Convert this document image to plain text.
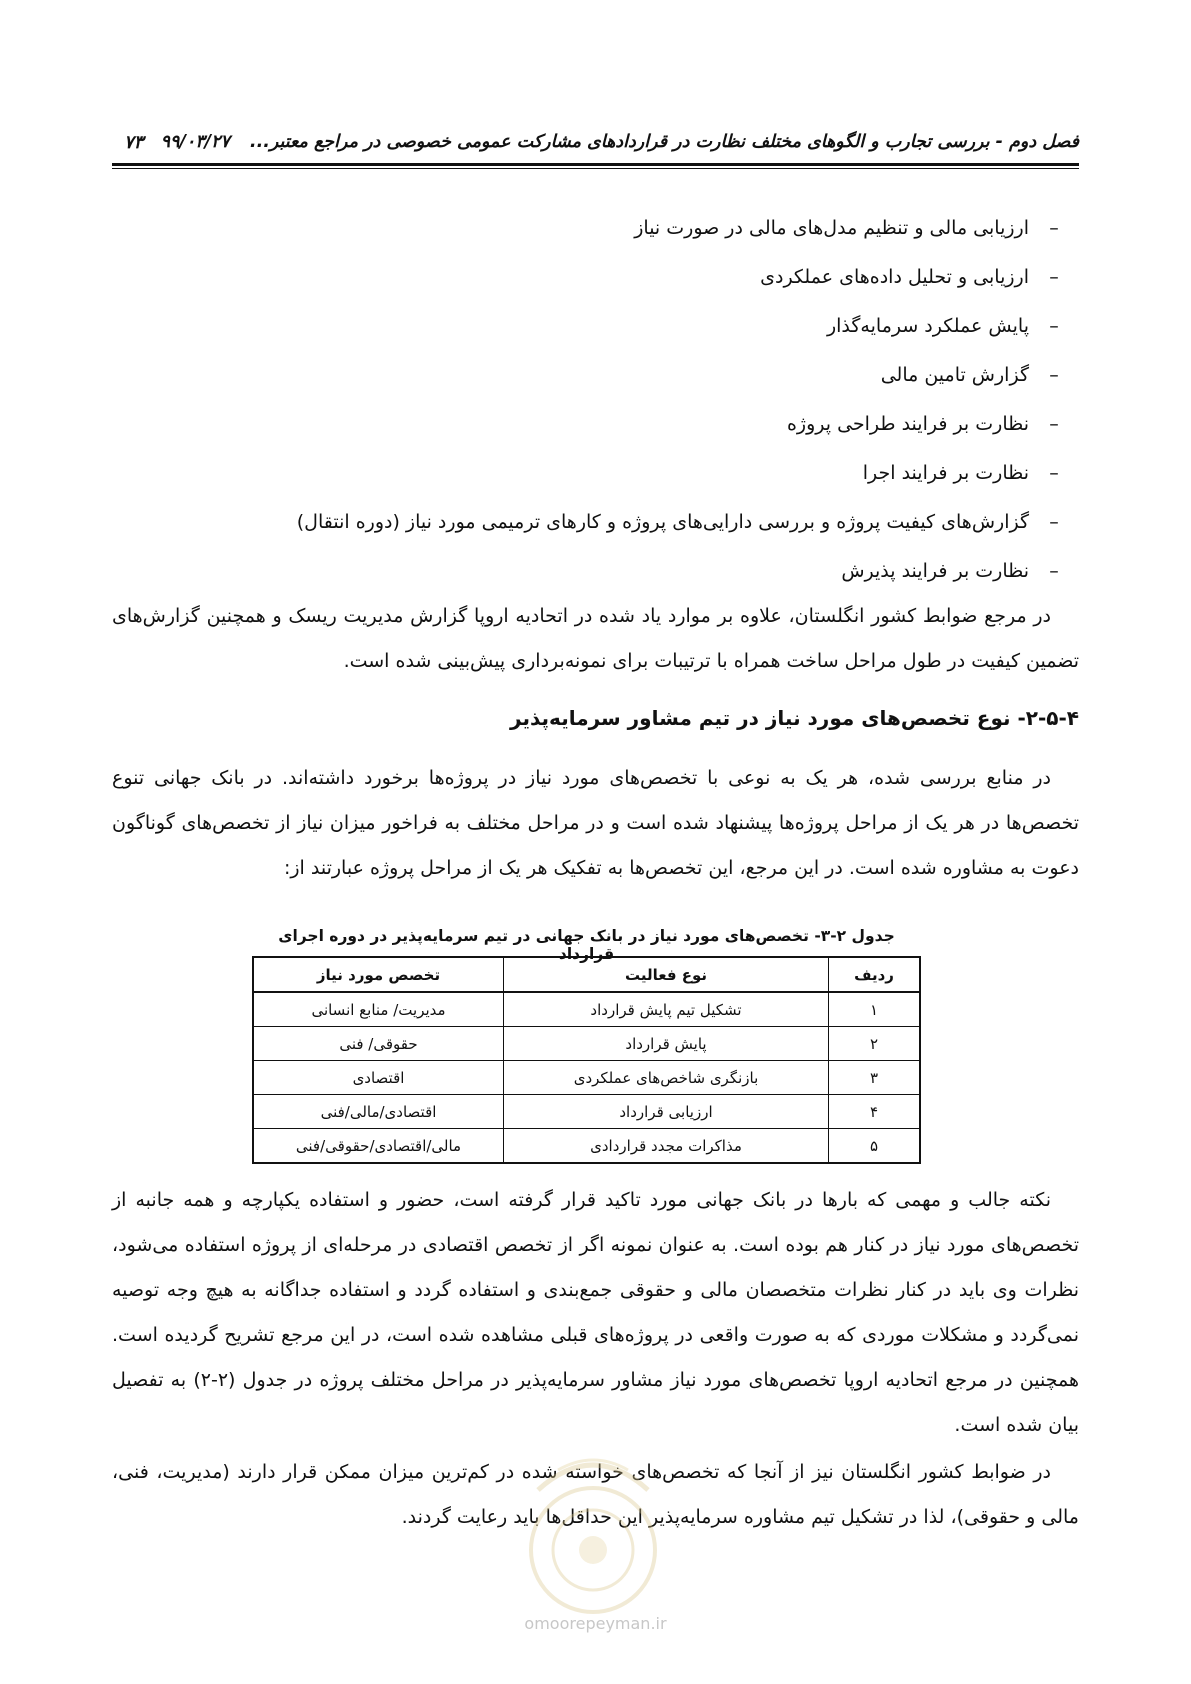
فصل دوم - بررسی تجارب و الگوهای مختلف نظارت در قراردادهای مشارکت عمومی خصوصی در مراجع معتبر... ۹۹/۰۳/۲۷
۷۳
–
ارزیابی مالی و تنظیم مدل‌های مالی در صورت نیاز
–
ارزیابی و تحلیل داده‌های عملکردی
–
پایش عملکرد سرمایه‌گذار
–
گزارش تامین مالی
–
نظارت بر فرایند طراحی پروژه
–
نظارت بر فرایند اجرا
–
گزارش‌های کیفیت پروژه و بررسی دارایی‌های پروژه و کارهای ترمیمی مورد نیاز (دوره انتقال)
–
نظارت بر فرایند پذیرش

در مرجع ضوابط کشور انگلستان، علاوه بر موارد یاد شده در اتحادیه اروپا گزارش مدیریت ریسک و همچنین گزارش‌های تضمین کیفیت در طول مراحل ساخت همراه با ترتیبات برای نمونه‌برداری پیش‌بینی شده است.

۲-۵-۴- نوع تخصص‌های مورد نیاز در تیم مشاور سرمایه‌پذیر

در منابع بررسی شده، هر یک به نوعی با تخصص‌های مورد نیاز در پروژه‌ها برخورد داشته‌اند. در بانک جهانی تنوع تخصص‌ها در هر یک از مراحل پروژه‌ها پیشنهاد شده است و در مراحل مختلف به فراخور میزان نیاز از تخصص‌های گوناگون دعوت به مشاوره شده است. در این مرجع، این تخصص‌ها به تفکیک هر یک از مراحل پروژه عبارتند از:

جدول ۲-۳- تخصص‌های مورد نیاز در بانک جهانی در تیم سرمایه‌پذیر در دوره اجرای قرارداد

ردیف	نوع فعالیت	تخصص مورد نیاز
۱	تشکیل تیم پایش قرارداد	مدیریت/ منابع انسانی
۲	پایش قرارداد	حقوقی/ فنی
۳	بازنگری شاخص‌های عملکردی	اقتصادی
۴	ارزیابی قرارداد	اقتصادی/مالی/فنی
۵	مذاکرات مجدد قراردادی	مالی/اقتصادی/حقوقی/فنی

نکته جالب و مهمی که بارها در بانک جهانی مورد تاکید قرار گرفته است، حضور و استفاده یکپارچه و همه جانبه از تخصص‌های مورد نیاز در کنار هم بوده است. به عنوان نمونه اگر از تخصص اقتصادی در مرحله‌ای از پروژه استفاده می‌شود، نظرات وی باید در کنار نظرات متخصصان مالی و حقوقی جمع‌بندی و استفاده گردد و استفاده جداگانه به هیچ وجه توصیه نمی‌گردد و مشکلات موردی که به صورت واقعی در پروژه‌های قبلی مشاهده شده است، در این مرجع تشریح گردیده است. همچنین در مرجع اتحادیه اروپا تخصص‌های مورد نیاز مشاور سرمایه‌پذیر در مراحل مختلف پروژه در جدول (۲-۲) به تفصیل بیان شده است.

در ضوابط کشور انگلستان نیز از آنجا که تخصص‌های خواسته شده در کم‌ترین میزان ممکن قرار دارند (مدیریت، فنی، مالی و حقوقی)، لذا در تشکیل تیم مشاوره سرمایه‌پذیر این حداقل‌ها باید رعایت گردند.

omoorepeyman.ir
